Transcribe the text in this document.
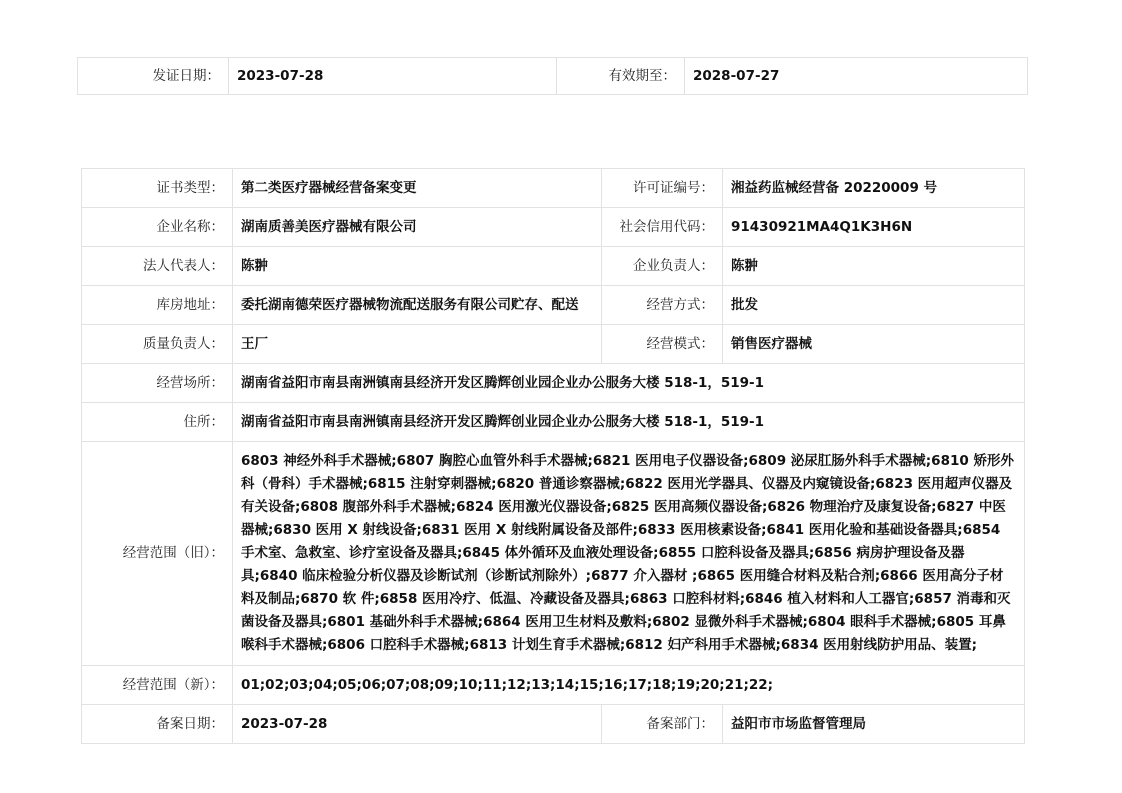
发证日期：	2023-07-28	有效期至：	2028-07-27
证书类型：	第二类医疗器械经营备案变更	许可证编号：	湘益药监械经营备 20220009 号
企业名称：	湖南质善美医疗器械有限公司	社会信用代码：	91430921MA4Q1K3H6N
法人代表人：	陈翀	企业负责人：	陈翀
库房地址：	委托湖南德荣医疗器械物流配送服务有限公司贮存、配送	经营方式：	批发
质量负责人：	王厂	经营模式：	销售医疗器械
经营场所：	湖南省益阳市南县南洲镇南县经济开发区腾辉创业园企业办公服务大楼 518-1，519-1		
住所：	湖南省益阳市南县南洲镇南县经济开发区腾辉创业园企业办公服务大楼 518-1，519-1		
经营范围（旧）：	6803 神经外科手术器械;6807 胸腔心血管外科手术器械;6821 医用电子仪器设备;6809 泌尿肛肠外科手术器械;6810 矫形外科（骨科）手术器械;6815 注射穿刺器械;6820 普通诊察器械;6822 医用光学器具、仪器及内窥镜设备;6823 医用超声仪器及有关设备;6808 腹部外科手术器械;6824 医用激光仪器设备;6825 医用高频仪器设备;6826 物理治疗及康复设备;6827 中医器械;6830 医用 X 射线设备;6831 医用 X 射线附属设备及部件;6833 医用核素设备;6841 医用化验和基础设备器具;6854 手术室、急救室、诊疗室设备及器具;6845 体外循环及血液处理设备;6855 口腔科设备及器具;6856 病房护理设备及器具;6840 临床检验分析仪器及诊断试剂（诊断试剂除外）;6877 介入器材 ;6865 医用缝合材料及粘合剂;6866 医用高分子材料及制品;6870 软 件;6858 医用冷疗、低温、冷藏设备及器具;6863 口腔科材料;6846 植入材料和人工器官;6857 消毒和灭菌设备及器具;6801 基础外科手术器械;6864 医用卫生材料及敷料;6802 显微外科手术器械;6804 眼科手术器械;6805 耳鼻喉科手术器械;6806 口腔科手术器械;6813 计划生育手术器械;6812 妇产科用手术器械;6834 医用射线防护用品、装置;		
经营范围（新）：	01;02;03;04;05;06;07;08;09;10;11;12;13;14;15;16;17;18;19;20;21;22;		
备案日期：	2023-07-28	备案部门：	益阳市市场监督管理局
